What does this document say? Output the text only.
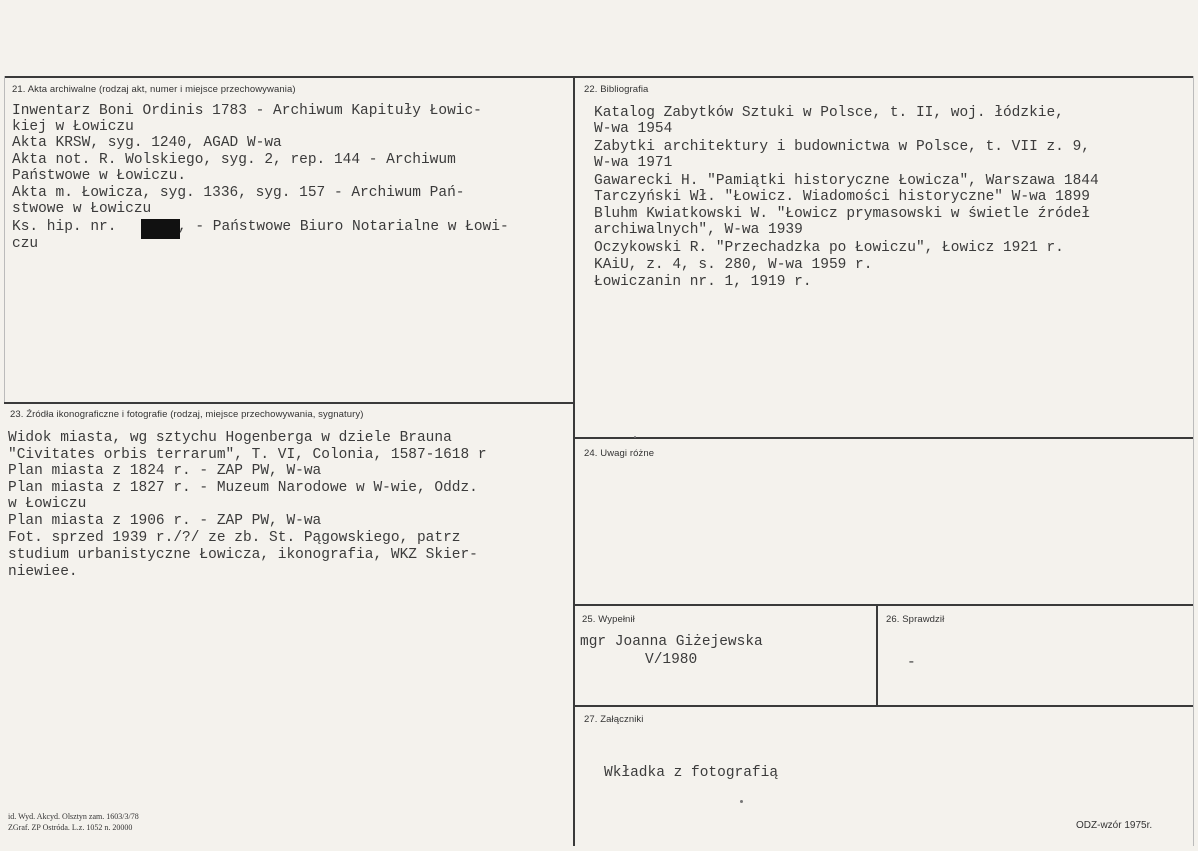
21. Akta archiwalne (rodzaj akt, numer i miejsce przechowywania)
Inwentarz Boni Ordinis 1783 - Archiwum Kapituły Łowic-
kiej w Łowiczu
Akta KRSW, syg. 1240, AGAD W-wa
Akta not. R. Wolskiego, syg. 2, rep. 144 - Archiwum
Państwowe w Łowiczu.
Akta m. Łowicza, syg. 1336, syg. 157 - Archiwum Pań-
stwowe w Łowiczu
Ks. hip. nr.	, - Państwowe Biuro Notarialne w Łowi-
czu
22. Bibliografia
Katalog Zabytków Sztuki w Polsce, t. II, woj. łódzkie,
W-wa 1954
Zabytki architektury i budownictwa w Polsce, t. VII z. 9,
W-wa 1971
Gawarecki H. "Pamiątki historyczne Łowicza", Warszawa 1844
Tarczyński Wł. "Łowicz. Wiadomości historyczne" W-wa 1899
Bluhm Kwiatkowski W. "Łowicz prymasowski w świetle źródeł
archiwalnych", W-wa 1939
Oczykowski R. "Przechadzka po Łowiczu", Łowicz 1921 r.
KAiU, z. 4, s. 280, W-wa 1959 r.
Łowiczanin nr. 1, 1919 r.
23. Źródła ikonograficzne i fotografie (rodzaj, miejsce przechowywania, sygnatury)
Widok miasta, wg sztychu Hogenberga w dziele Brauna
"Civitates orbis terrarum", T. VI, Colonia, 1587-1618 r
Plan miasta z 1824 r. - ZAP PW, W-wa
Plan miasta z 1827 r. - Muzeum Narodowe w W-wie, Oddz.
w Łowiczu
Plan miasta z 1906 r. - ZAP PW, W-wa
Fot. sprzed 1939 r./?/ ze zb. St. Pągowskiego, patrz
studium urbanistyczne Łowicza, ikonografia, WKZ Skier-
niewiee.
24. Uwagi różne
25. Wypełnił
mgr Joanna Giżejewska
V/1980
26. Sprawdził
-
27. Załączniki
Wkładka z fotografią
id. Wyd. Akcyd. Olsztyn zam. 1603/3/78
ZGraf. ZP Ostróda. L.z. 1052 n. 20000	ODZ-wzór 1975r.
